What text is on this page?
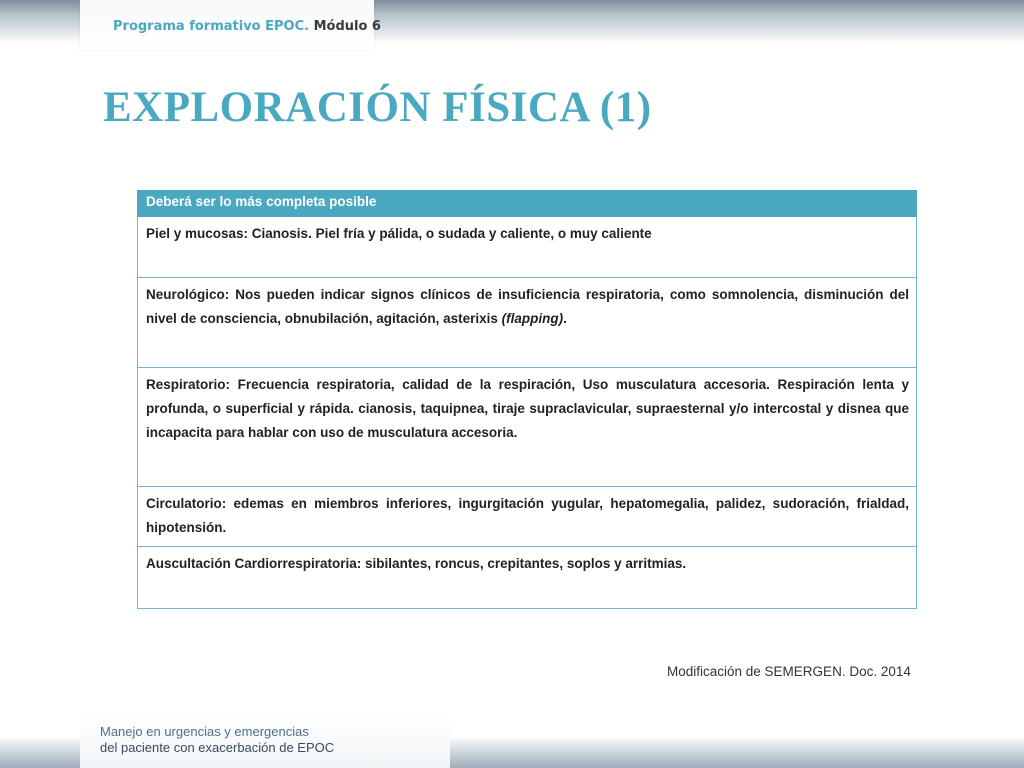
Programa formativo EPOC. Módulo 6
EXPLORACIÓN FÍSICA (1)
Deberá ser lo más completa posible
Piel y mucosas: Cianosis. Piel fría y pálida, o sudada y caliente, o muy caliente
Neurológico: Nos pueden indicar signos clínicos de insuficiencia respiratoria, como somnolencia, disminución del nivel de consciencia, obnubilación, agitación, asterixis (flapping).
Respiratorio: Frecuencia respiratoria, calidad de la respiración, Uso musculatura accesoria. Respiración lenta y profunda, o superficial y rápida. cianosis, taquipnea, tiraje supraclavicular, supraesternal y/o intercostal y disnea que incapacita para hablar con uso de musculatura accesoria.
Circulatorio: edemas en miembros inferiores, ingurgitación yugular, hepatomegalia, palidez, sudoración, frialdad, hipotensión.
Auscultación Cardiorrespiratoria: sibilantes, roncus, crepitantes, soplos y arritmias.
Modificación de SEMERGEN. Doc. 2014
Manejo en urgencias y emergencias
del paciente con exacerbación de EPOC
